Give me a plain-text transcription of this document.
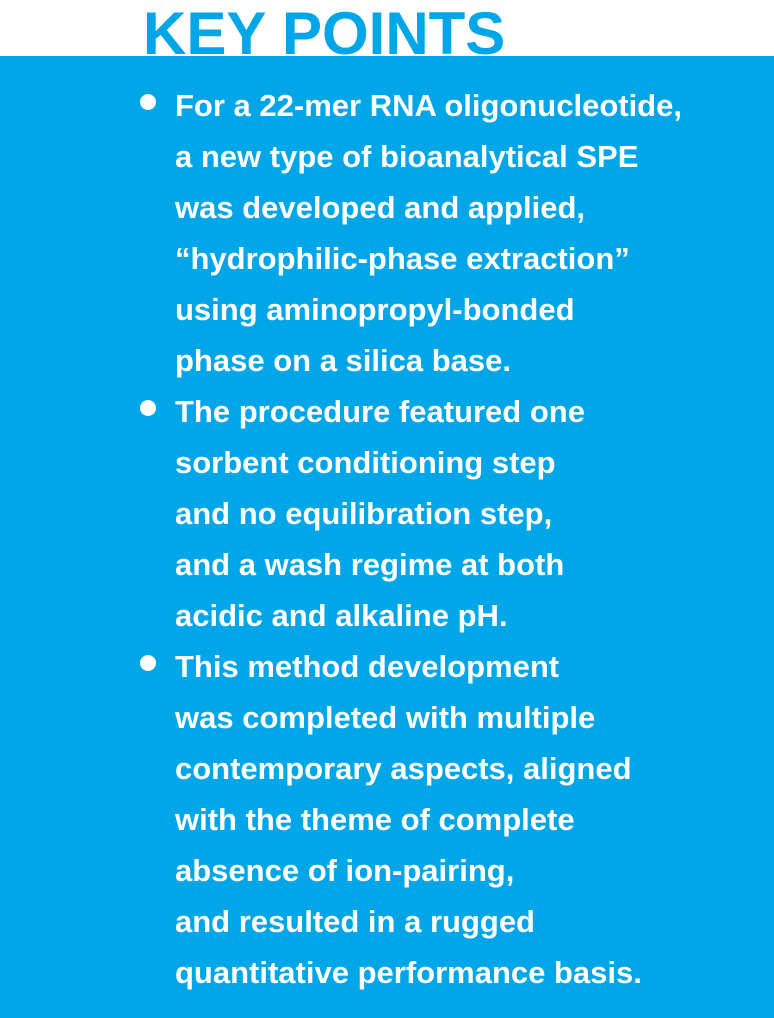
KEY POINTS
For a 22-mer RNA oligonucleotide,
a new type of bioanalytical SPE
was developed and applied,
“hydrophilic-phase extraction”
using aminopropyl-bonded
phase on a silica base.
The procedure featured one
sorbent conditioning step
and no equilibration step,
and a wash regime at both
acidic and alkaline pH.
This method development
was completed with multiple
contemporary aspects, aligned
with the theme of complete
absence of ion-pairing,
and resulted in a rugged
quantitative performance basis.
